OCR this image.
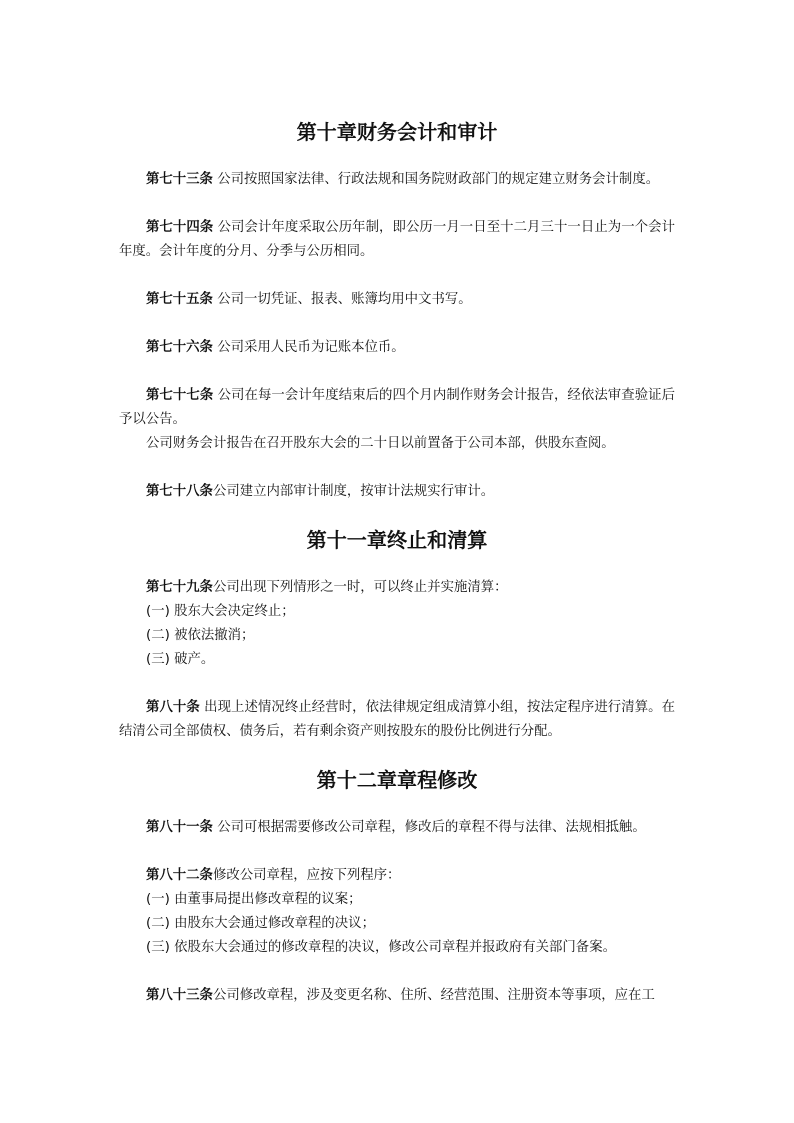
第十章财务会计和审计

第七十三条 公司按照国家法律、行政法规和国务院财政部门的规定建立财务会计制度。

第七十四条 公司会计年度采取公历年制，即公历一月一日至十二月三十一日止为一个会计年度。会计年度的分月、分季与公历相同。

第七十五条 公司一切凭证、报表、账簿均用中文书写。

第七十六条 公司采用人民币为记账本位币。

第七十七条 公司在每一会计年度结束后的四个月内制作财务会计报告，经依法审查验证后予以公告。

公司财务会计报告在召开股东大会的二十日以前置备于公司本部，供股东查阅。

第七十八条公司建立内部审计制度，按审计法规实行审计。

第十一章终止和清算

第七十九条公司出现下列情形之一时，可以终止并实施清算：

(一) 股东大会决定终止；

(二) 被依法撤消；

(三) 破产。

第八十条 出现上述情况终止经营时，依法律规定组成清算小组，按法定程序进行清算。在结清公司全部债权、债务后，若有剩余资产则按股东的股份比例进行分配。

第十二章章程修改

第八十一条 公司可根据需要修改公司章程，修改后的章程不得与法律、法规相抵触。

第八十二条修改公司章程，应按下列程序：

(一) 由董事局提出修改章程的议案；

(二) 由股东大会通过修改章程的决议；

(三) 依股东大会通过的修改章程的决议，修改公司章程并报政府有关部门备案。

第八十三条公司修改章程，涉及变更名称、住所、经营范围、注册资本等事项，应在工
